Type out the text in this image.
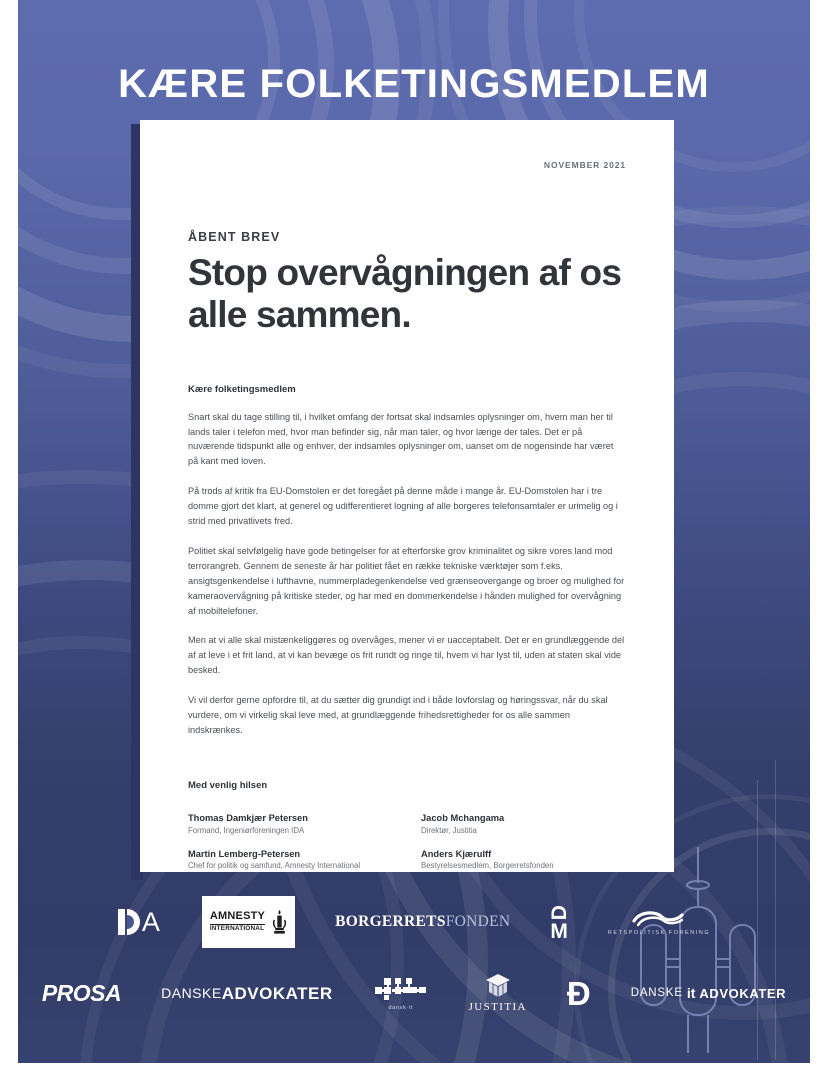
KÆRE FOLKETINGSMEDLEM
NOVEMBER 2021
ÅBENT BREV
Stop overvågningen af os alle sammen.
Kære folketingsmedlem

Snart skal du tage stilling til, i hvilket omfang der fortsat skal indsamles oplysninger om, hvem man her til lands taler i telefon med, hvor man befinder sig, når man taler, og hvor længe der tales. Det er på nuværende tidspunkt alle og enhver, der indsamles oplysninger om, uanset om de nogensinde har været på kant med loven.

På trods af kritik fra EU-Domstolen er det foregået på denne måde i mange år. EU-Domstolen har i tre domme gjort det klart, at generel og udifferentieret logning af alle borgeres telefonsamtaler er urimelig og i strid med privatlivets fred.

Politiet skal selvfølgelig have gode betingelser for at efterforske grov kriminalitet og sikre vores land mod terrorangreb. Gennem de seneste år har politiet fået en række tekniske værktøjer som f.eks. ansigtsgenkendelse i lufthavne, nummerpladegenkendelse ved grænseovergange og broer og mulighed for kameraovervågning på kritiske steder, og har med en dommerkendelse i hånden mulighed for overvågning af mobiltelefoner.

Men at vi alle skal mistænkeliggøres og overvåges, mener vi er uacceptabelt. Det er en grundlæggende del af at leve i et frit land, at vi kan bevæge os frit rundt og ringe til, hvem vi har lyst til, uden at staten skal vide besked.

Vi vil derfor gerne opfordre til, at du sætter dig grundigt ind i både lovforslag og høringssvar, når du skal vurdere, om vi virkelig skal leve med, at grundlæggende frihedsrettigheder for os alle sammen indskrænkes.

Med venlig hilsen
Thomas Damkjær Petersen
Formand, Ingeniørforeningen IDA
Martin Lemberg-Petersen
Chef for politik og samfund, Amnesty International
Jacob Mchangama
Direktør, Justitia
Anders Kjærulff
Bestyrelsesmedlem, Borgerretsfonden
A	AMNESTY
INTERNATIONAL	BORGERRETS FONDEN
D
M	RETSPOLITISK FORENING
PROSA	DANSKE ADVOKATER
dansk·it	JUSTITIA Ð	DANSKE it ADVOKATER
